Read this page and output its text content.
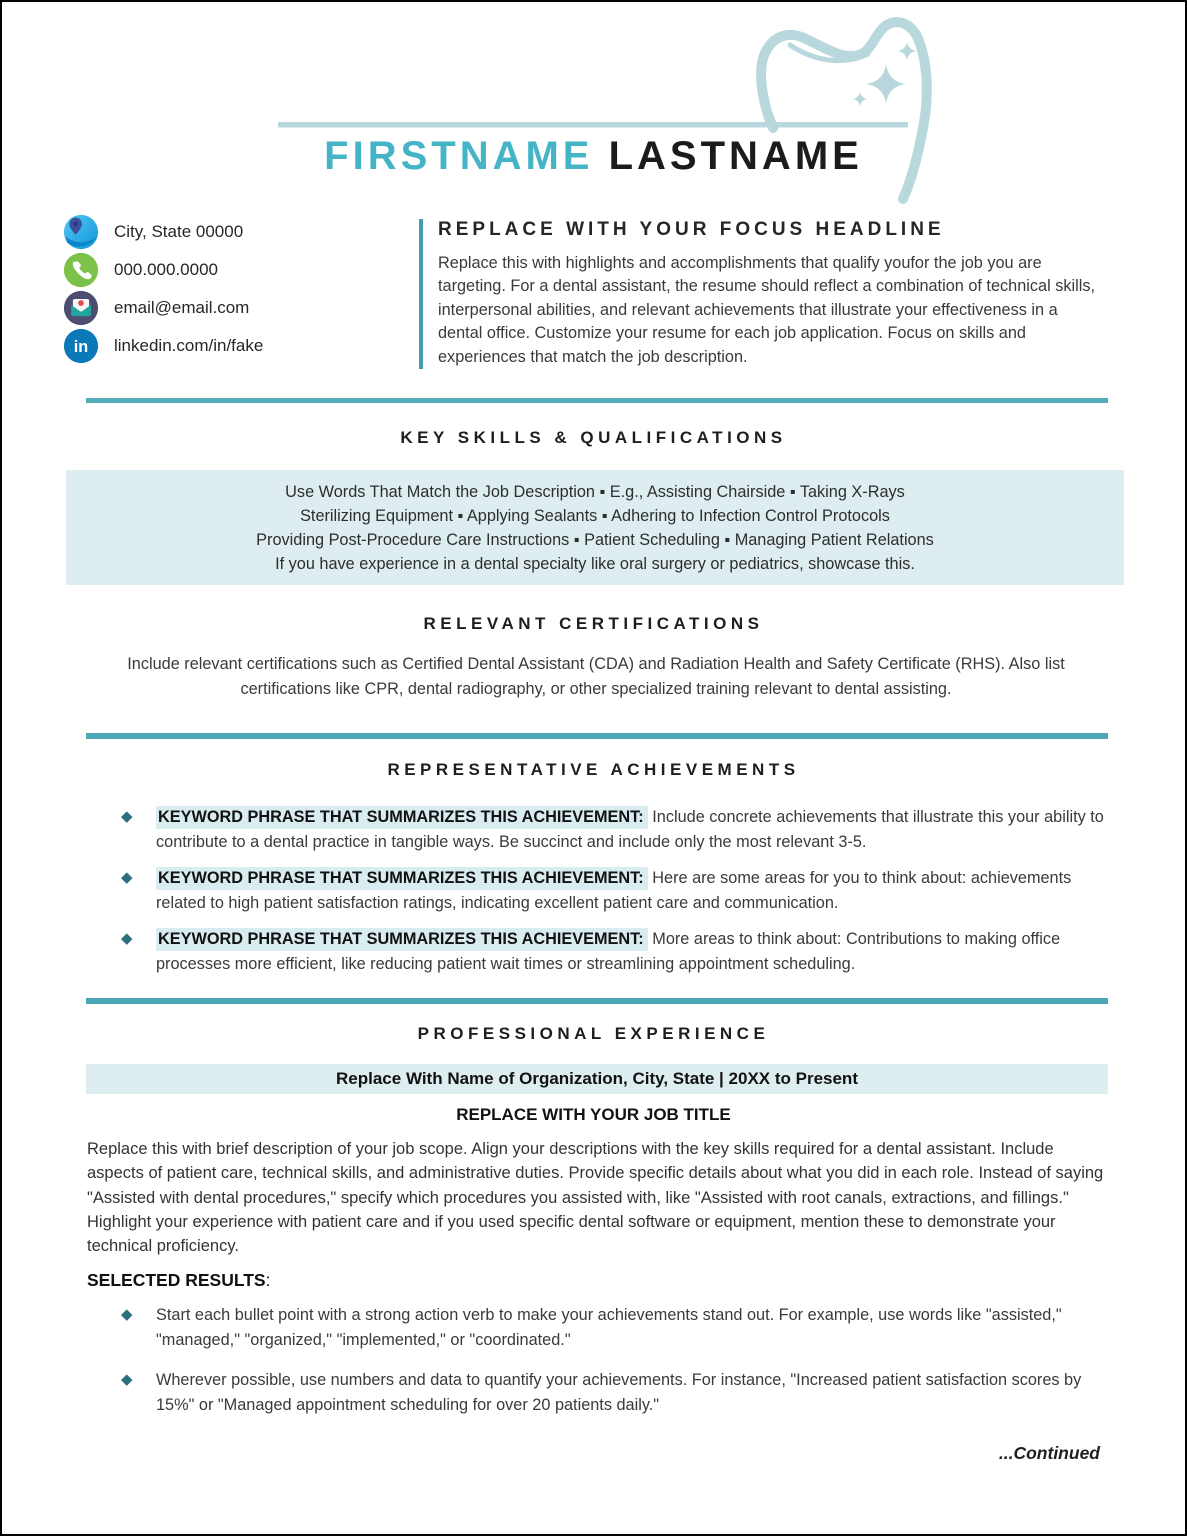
FIRSTNAME LASTNAME
City, State 00000
000.000.0000
email@email.com
in linkedin.com/in/fake
REPLACE WITH YOUR FOCUS HEADLINE

Replace this with highlights and accomplishments that qualify youfor the job you are targeting. For a dental assistant, the resume should reflect a combination of technical skills, interpersonal abilities, and relevant achievements that illustrate your effectiveness in a dental office. Customize your resume for each job application. Focus on skills and experiences that match the job description.

KEY SKILLS & QUALIFICATIONS

Use Words That Match the Job Description ▪ E.g., Assisting Chairside ▪ Taking X-Rays

Sterilizing Equipment ▪ Applying Sealants ▪ Adhering to Infection Control Protocols

Providing Post-Procedure Care Instructions ▪ Patient Scheduling ▪ Managing Patient Relations

If you have experience in a dental specialty like oral surgery or pediatrics, showcase this.

RELEVANT CERTIFICATIONS

Include relevant certifications such as Certified Dental Assistant (CDA) and Radiation Health and Safety Certificate (RHS). Also list certifications like CPR, dental radiography, or other specialized training relevant to dental assisting.

REPRESENTATIVE ACHIEVEMENTS
◆	KEYWORD PHRASE THAT SUMMARIZES THIS ACHIEVEMENT: Include concrete achievements that illustrate this your ability to contribute to a dental practice in tangible ways. Be succinct and include only the most relevant 3-5.

◆	KEYWORD PHRASE THAT SUMMARIZES THIS ACHIEVEMENT: Here are some areas for you to think about: achievements related to high patient satisfaction ratings, indicating excellent patient care and communication.

◆	KEYWORD PHRASE THAT SUMMARIZES THIS ACHIEVEMENT: More areas to think about: Contributions to making office processes more efficient, like reducing patient wait times or streamlining appointment scheduling.

PROFESSIONAL EXPERIENCE
Replace With Name of Organization, City, State | 20XX to Present

REPLACE WITH YOUR JOB TITLE

Replace this with brief description of your job scope. Align your descriptions with the key skills required for a dental assistant. Include aspects of patient care, technical skills, and administrative duties. Provide specific details about what you did in each role. Instead of saying "Assisted with dental procedures," specify which procedures you assisted with, like "Assisted with root canals, extractions, and fillings." Highlight your experience with patient care and if you used specific dental software or equipment, mention these to demonstrate your technical proficiency.

SELECTED RESULTS:

◆	Start each bullet point with a strong action verb to make your achievements stand out. For example, use words like "assisted," "managed," "organized," "implemented," or "coordinated."

◆	Wherever possible, use numbers and data to quantify your achievements. For instance, "Increased patient satisfaction scores by 15%" or "Managed appointment scheduling for over 20 patients daily."

...Continued
